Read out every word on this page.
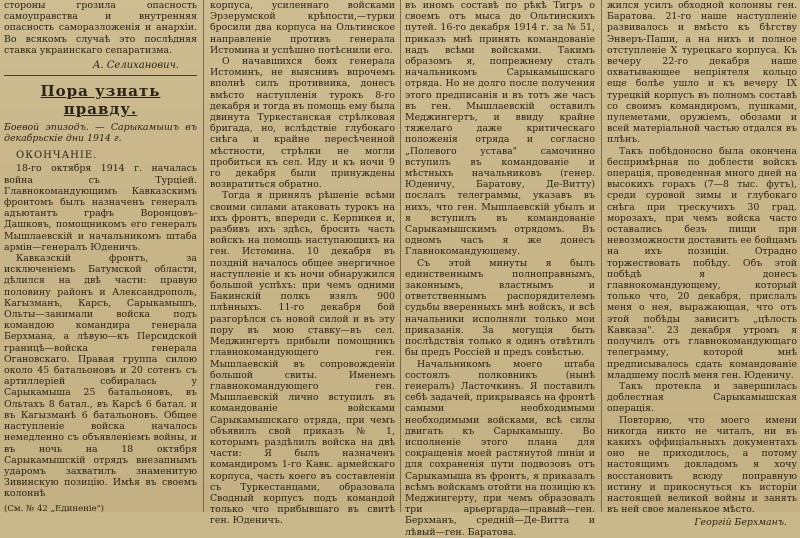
стороны грозила опасность самоуправства и внутренняя опасность саморазложенія и анархіи. Во всякомъ случаѣ это послѣдняя ставка украинскаго сепаратизма.

А. Селиханович.
Пора узнать правду.
Боевой эпизодъ. — Сарыкамышъ въ декабрьскіе дни 1914 г.
ОКОНЧАНІЕ.

18-го октября 1914 г. началась война съ Турціей. Главнокомандующимъ Кавказскимъ фронтомъ былъ назначенъ генералъ адъютантъ графъ Воронцовъ-Дашковъ, помощникомъ его генералъ Мышлаевскій и начальникомъ штаба армін—генералъ Юденичъ.

Кавказскій фронтъ, за исключеніемъ Батумской области, дѣлился на двѣ части: правую половину районъ и Александрополь, Кагызманъ, Карсъ, Сарыкамышъ, Ольты—занимали войска подъ командою командира генерала Берхмана, а лѣвую—къ Персидской границѣ—войска генерала Огановскаго. Правая группа силою около 45 батальоновъ и 20 сотенъ съ артиллеріей собиралась у Сарыкамыша 25 батальоновъ, въ Ольтахъ 8 батал., въ Карсѣ 6 батал. и въ Кагызманѣ 6 батальоновъ. Общее наступленіе войска началось немедленно съ объявленіемъ войны, и въ ночь на 18 октября Сарыкамышскій отрядъ внезапнымъ ударомъ захватилъ знаменитую Зивинскую позицію. Имѣя въ своемъ колоннѣ

(См. № 42 „Единеніе")

корпуса, усиленнаго войсками Эрзерумской крѣпости,—турки бросили два корпуса на Ольтинское направленіе противъ генерала Истомина и успѣшно потѣснили его.

О начавшихся боях генерала Истоминъ, не выяснивъ впрочемъ вполнѣ силъ противника, донесъ вмѣсто наступленія турокъ 8-го декабря и тогда въ помощь ему была двинута Туркестанская стрѣлковая бригада, но, вслѣдствіе глубокаго снѣга и крайне пересѣченной мѣстности, стрѣлки не могли пробиться къ сел. Иду и къ ночи 9 го декабря были принуждены возвратиться обратно.

Тогда я принялъ рѣшеніе всѣми своими силами атаковать турокъ на ихъ фронтъ, впереди с. Керпикея и, разбивъ ихъ здѣсь, бросить часть войскъ на помощь наступающихъ на ген. Истомина. 10 декабря въ поздній началось общее энергичное наступленіе и къ ночи обнаружился большой успѣхъ: при чемъ одними Бакинскій полкъ взялъ 900 плѣнныхъ. 11-го декабря бой разгорѣлся съ новой силой и въ эту пору въ мою ставку—въ сел. Меджингертъ прибыли помощникъ главнокомандующего ген. Мышлаевскій въ сопровожденіи большой свиты. Именемъ главнокомандующего ген. Мышлаевскій лично вступилъ въ командованіе войсками Сарыкамышскаго отряда, при чемъ объявилъ свой приказъ № 1, которымъ раздѣлилъ войска на двѣ части: Я былъ назначенъ командиромъ 1-го Кавк. армейскаго корпуса, часть коего въ составленіи съ Туркестанцами, образовала Сводный корпусъ подъ командой только что прибывшаго въ свитѣ ген. Юденичъ.

въ иномъ составѣ по рѣкѣ Тигръ о своемъ отъ мыса до Ольтинскихъ путей. 16-го декабря 1914 г. за № 51, приказъ мнѣ принять командованіе надъ всѣми войсками. Такимъ образомъ я, попрежнему сталъ начальникомъ Сарыкамышскаго отряда. Но не долго после получения этого предписанія и въ тотъ же часъ въ ген. Мышлаевскій оставилъ Меджингертъ, и ввиду крайне тяжелаго даже критическаго положенія отряда и согласно „Полевого устава" самочинно вступилъ въ командованіе и мѣстныхъ начальниковъ (генер. Юденичу, Баратову, Де-Витту) послалъ телеграммы, указавъ въ нихъ, что ген. Мышлаевскій убылъ и я вступилъ въ командованіе Сарыкамышскимъ отрядомъ. Въ одномъ часъ я же донесъ Главнокомандующему.

Съ этой минуты я былъ единственнымъ полноправнымъ, законнымъ, властнымъ и ответственнымъ распорядителемъ судьбы вверенныхъ мнѣ войскъ, и всѣ начальники исполняли только мои приказанія. За могущія быть послѣдствія только я одинъ отвѣтилъ бы предъ Россіей и предъ совѣстью.

Начальникомъ моего штаба состоялъ полковникъ (нынѣ генералъ) Ласточкинъ. Я поставилъ себѣ задачей, прикрываясь на фронтѣ самыми необходимыми необходимыми войсками, всѣ силы двигать къ Сарыкамышу. Во исполненіе этого плана для сокращенія моей растянутой линіи и для сохраненія пути подвозовъ отъ Сарыкамыша въ фронтъ, я приказалъ всѣмъ войскамъ отойти на позицію къ Меджингерту, при чемъ образовалъ три арьергарда—правый—ген. Берхманъ, средній—Де-Витта и лѣвый—ген. Баратова.

жился усилъ обходной колонны ген. Баратова. 21-го наше наступленіе развивалось и вмѣсто къ бѣгству Энверъ-Паши, а на нихъ и полное отступленіе X турецкаго корпуса. Къ вечеру 22-го декабря наше охватывающее непріятеля кольцо еще болѣе ушло и къ вечеру IX турецкій корпусъ въ полномъ составѣ со своимъ командиромъ, пушками, пулеметами, оружіемъ, обозами и всей матеріальной частью отдался въ плѣнъ.

Такъ побѣдоносно была окончена беспримѣрная по доблести войскъ операція, проведенная много дней на высокихъ горахъ (7—8 тыс. футъ), среди суровой зимы и глубокаго снѣга при трескучихъ 30 град. морозахъ, при чемъ войска часто оставались безъ пищи при невозможности доставить ее бойцамъ на ихъ позиціи. Отрадно торжествовать побѣду. Объ этой побѣдѣ я донесъ главнокомандующему, который только что, 20 декабря, прислалъ меня о нея, выражающая, что отъ этой побѣды зависитъ „цѣлость Кавказа". 23 декабря утромъ я получилъ отъ главнокомандующаго телеграмму, которой мнѣ предписывалось сдать командованіе младшему послѣ меня ген. Юденичу.

Такъ протекла и завершилась доблестная Сарыкамышская операція.

Повторяю, что моего имени никогда никто не читалъ, ни въ какихъ оффиціальныхъ документахъ оно не приходилось, а потому настоящимъ докладомъ я хочу восстановить всюду поправную истину и прикоснуться къ исторіи настоящей великой войны и занять въ ней свое маленькое мѣсто.

Георгій Берхманъ.
